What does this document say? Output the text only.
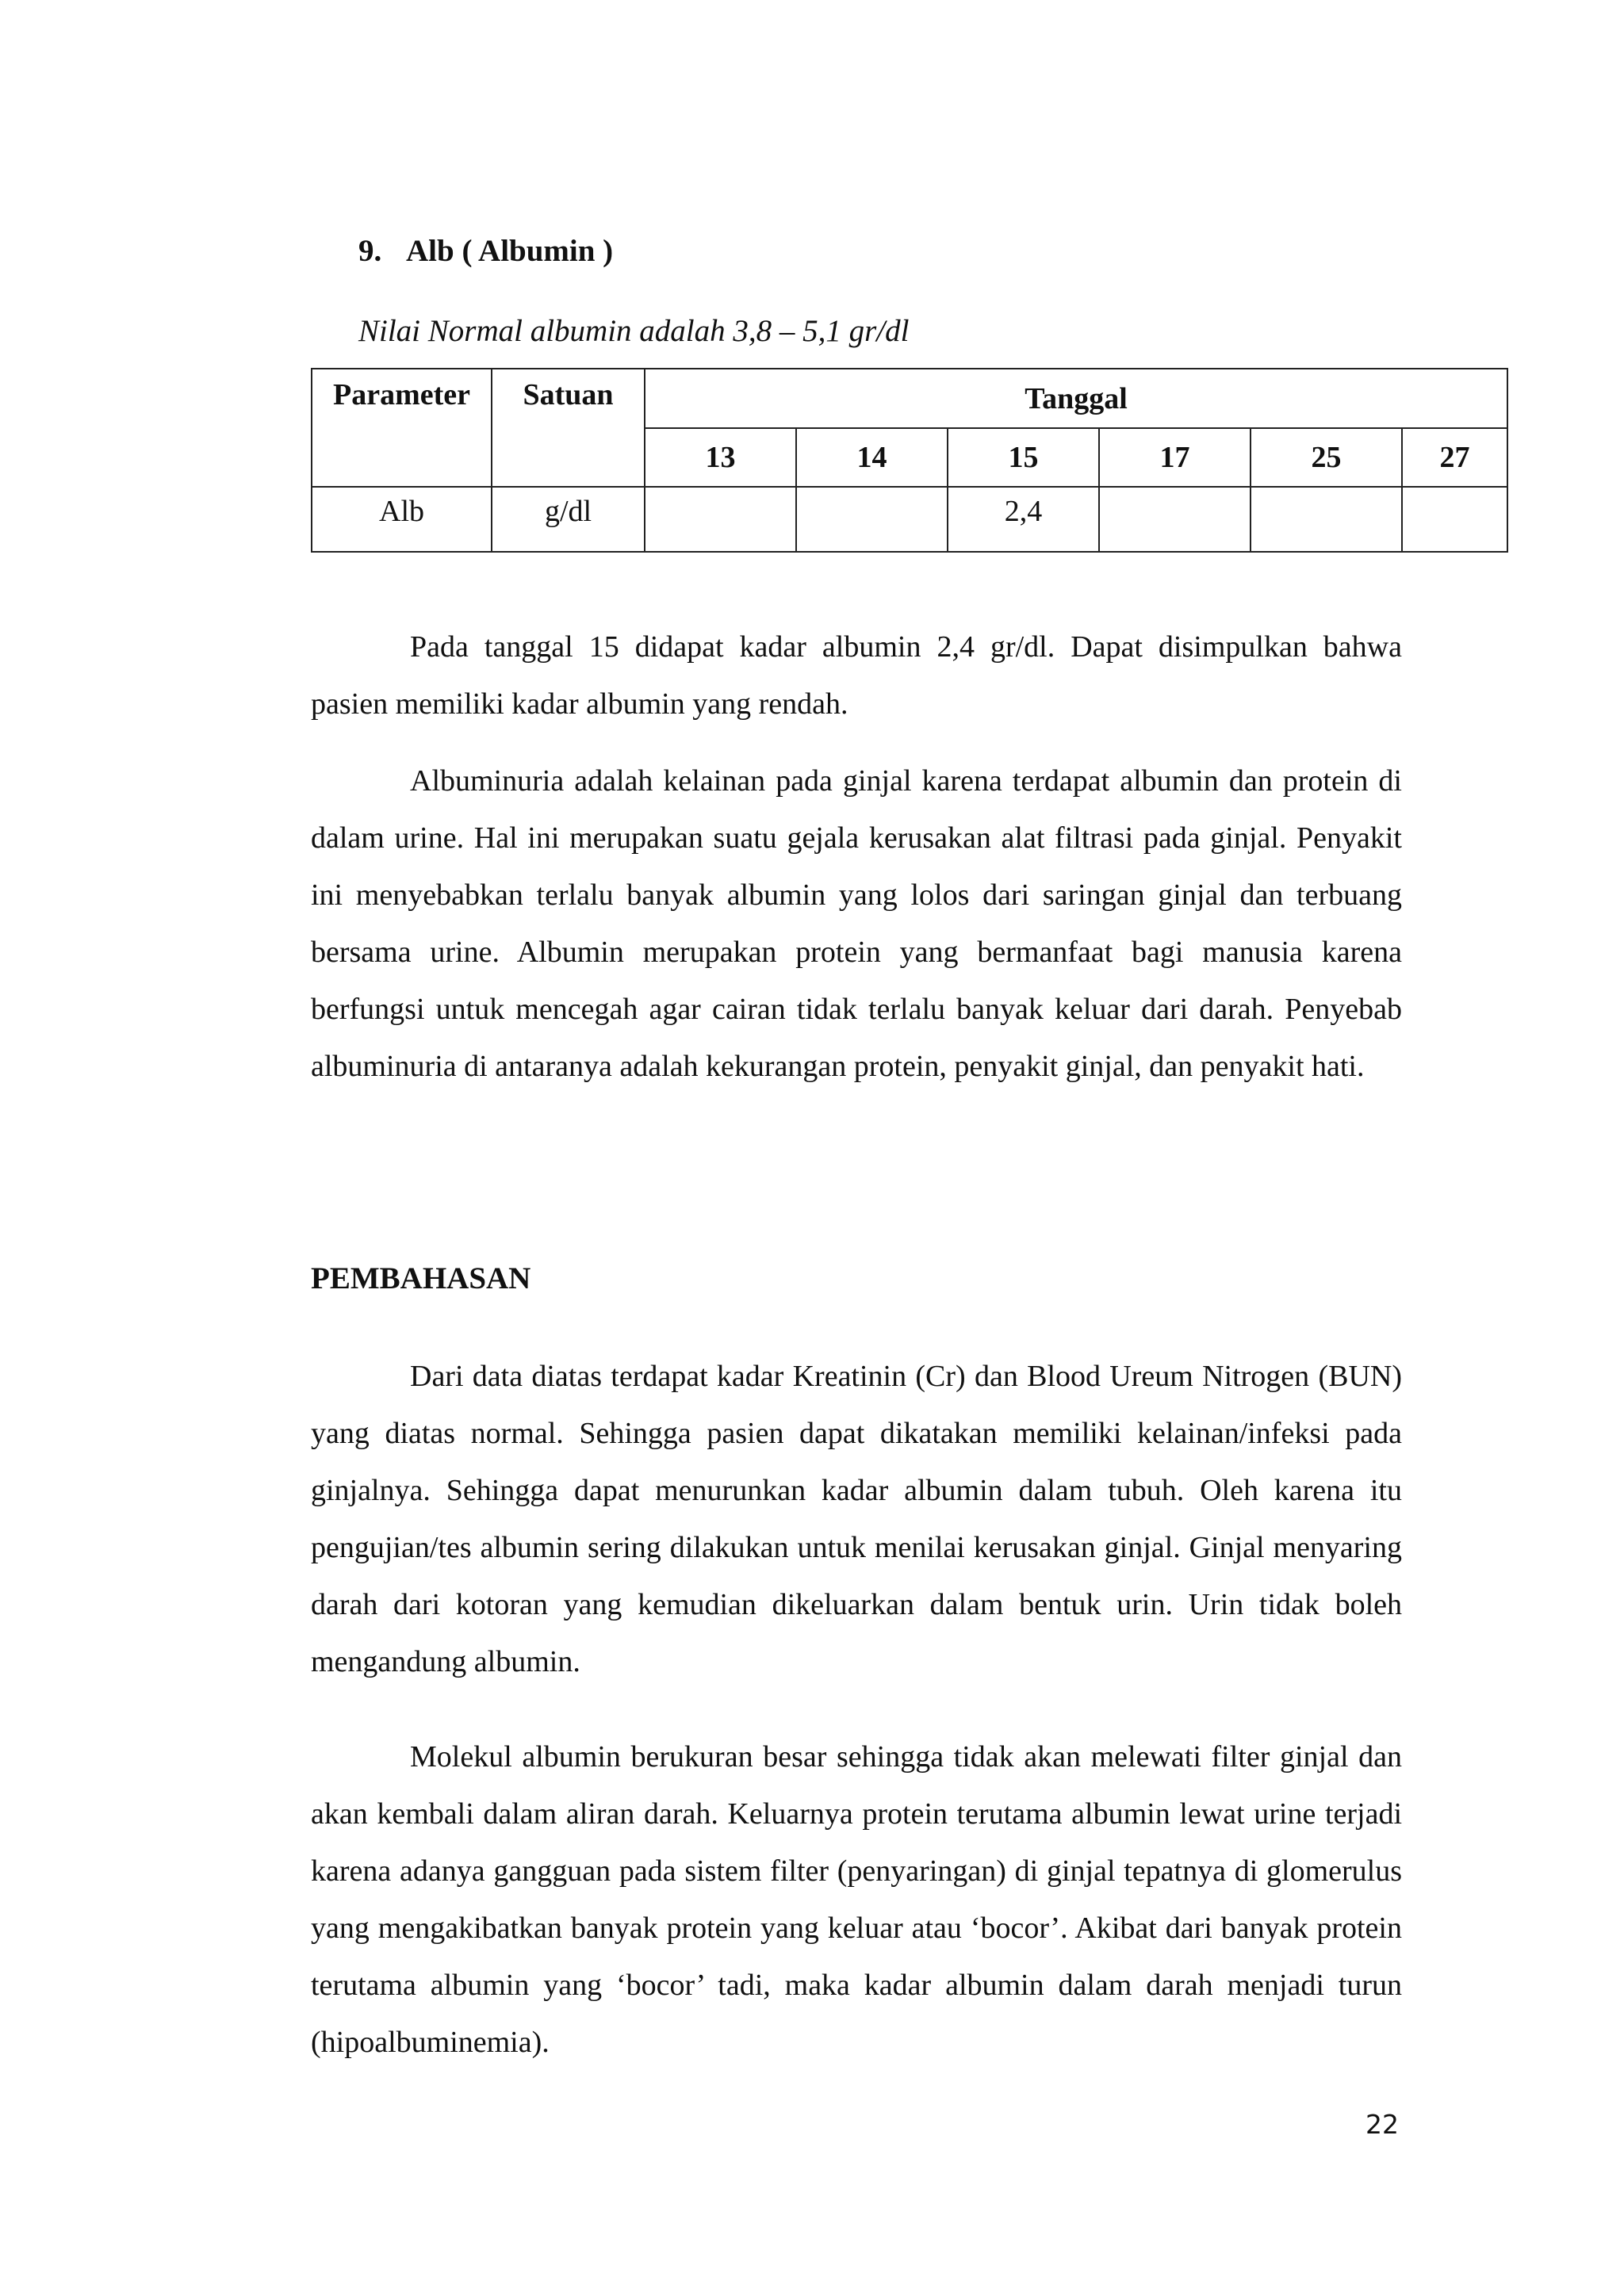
9. Alb ( Albumin )
Nilai Normal albumin adalah 3,8 – 5,1 gr/dl
Parameter	Satuan	Tanggal					
		13	14	15	17	25	27
Alb	g/dl			2,4			

Pada tanggal 15 didapat kadar albumin 2,4 gr/dl. Dapat disimpulkan bahwa pasien memiliki kadar albumin yang rendah.

Albuminuria adalah kelainan pada ginjal karena terdapat albumin dan protein di dalam urine. Hal ini merupakan suatu gejala kerusakan alat filtrasi pada ginjal. Penyakit ini menyebabkan terlalu banyak albumin yang lolos dari saringan ginjal dan terbuang bersama urine. Albumin merupakan protein yang bermanfaat bagi manusia karena berfungsi untuk mencegah agar cairan tidak terlalu banyak keluar dari darah. Penyebab albuminuria di antaranya adalah kekurangan protein, penyakit ginjal, dan penyakit hati.

PEMBAHASAN

Dari data diatas terdapat kadar Kreatinin (Cr) dan Blood Ureum Nitrogen (BUN) yang diatas normal. Sehingga pasien dapat dikatakan memiliki kelainan/infeksi pada ginjalnya. Sehingga dapat menurunkan kadar albumin dalam tubuh. Oleh karena itu pengujian/tes albumin sering dilakukan untuk menilai kerusakan ginjal. Ginjal menyaring darah dari kotoran yang kemudian dikeluarkan dalam bentuk urin. Urin tidak boleh mengandung albumin.

Molekul albumin berukuran besar sehingga tidak akan melewati filter ginjal dan akan kembali dalam aliran darah. Keluarnya protein terutama albumin lewat urine terjadi karena adanya gangguan pada sistem filter (penyaringan) di ginjal tepatnya di glomerulus yang mengakibatkan banyak protein yang keluar atau ‘bocor’. Akibat dari banyak protein terutama albumin yang ‘bocor’ tadi, maka kadar albumin dalam darah menjadi turun (hipoalbuminemia).

22
